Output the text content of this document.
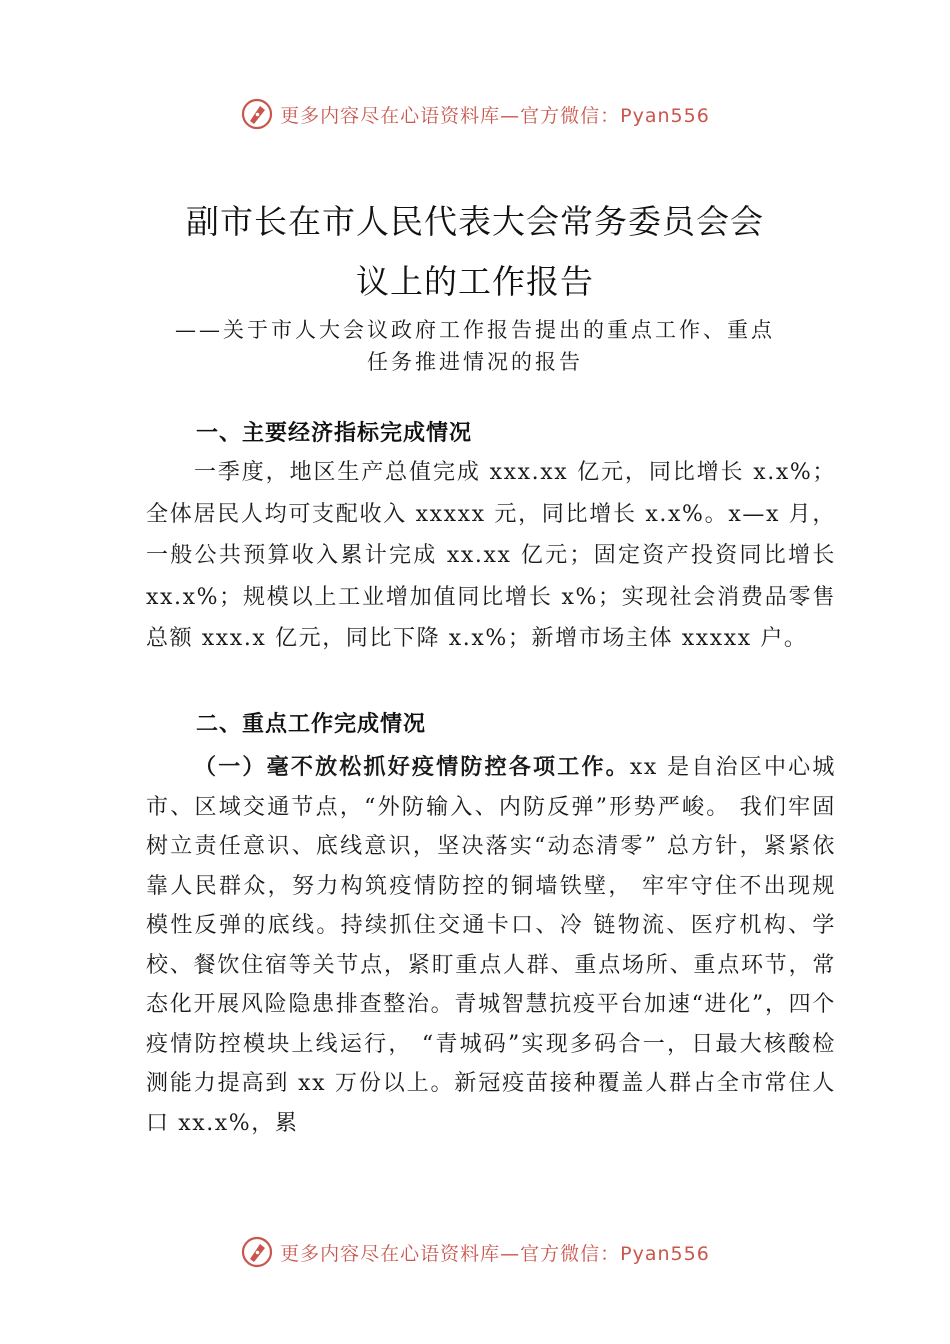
更多内容尽在心语资料库—官方微信：Pyan556
副市长在市人民代表大会常务委员会会
议上的工作报告
——关于市人大会议政府工作报告提出的重点工作、重点
任务推进情况的报告
一、主要经济指标完成情况
一季度，地区生产总值完成 xxx.xx 亿元，同比增长 x.x%； 全体居民人均可支配收入 xxxxx 元，同比增长 x.x%。x—x 月，一般公共预算收入累计完成 xx.xx 亿元；固定资产投资同比增长 xx.x%；规模以上工业增加值同比增长 x%；实现社会消费品零售总额 xxx.x 亿元，同比下降 x.x%；新增市场主体 xxxxx 户。
二、重点工作完成情况
（一）毫不放松抓好疫情防控各项工作。xx 是自治区中心城市、区域交通节点，“外防输入、内防反弹”形势严峻。 我们牢固树立责任意识、底线意识，坚决落实“动态清零” 总方针，紧紧依靠人民群众，努力构筑疫情防控的铜墙铁壁， 牢牢守住不出现规模性反弹的底线。持续抓住交通卡口、冷 链物流、医疗机构、学校、餐饮住宿等关节点，紧盯重点人群、重点场所、重点环节，常态化开展风险隐患排查整治。青城智慧抗疫平台加速“进化”，四个疫情防控模块上线运行， “青城码”实现多码合一，日最大核酸检测能力提高到 xx 万份以上。新冠疫苗接种覆盖人群占全市常住人口 xx.x%，累
更多内容尽在心语资料库—官方微信：Pyan556
